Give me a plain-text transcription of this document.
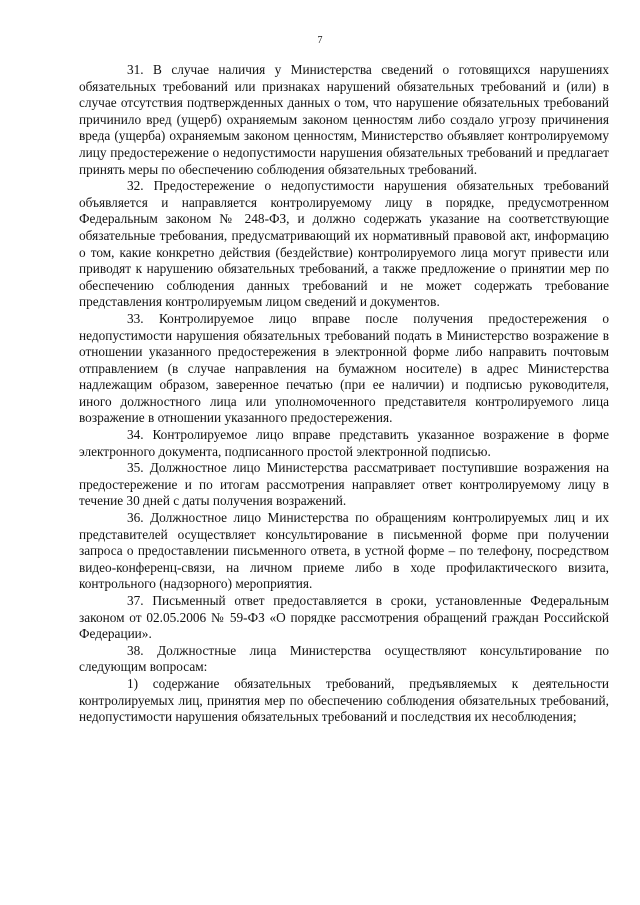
7

31. В случае наличия у Министерства сведений о готовящихся нарушениях обязательных требований или признаках нарушений обязательных требований и (или) в случае отсутствия подтвержденных данных о том, что нарушение обязательных требований причинило вред (ущерб) охраняемым законом ценностям либо создало угрозу причинения вреда (ущерба) охраняемым законом ценностям, Министерство объявляет контролируемому лицу предостережение о недопустимости нарушения обязательных требований и предлагает принять меры по обеспечению соблюдения обязательных требований.

32. Предостережение о недопустимости нарушения обязательных требований объявляется и направляется контролируемому лицу в порядке, предусмотренном Федеральным законом № 248-ФЗ, и должно содержать указание на соответствующие обязательные требования, предусматривающий их нормативный правовой акт, информацию о том, какие конкретно действия (бездействие) контролируемого лица могут привести или приводят к нарушению обязательных требований, а также предложение о принятии мер по обеспечению соблюдения данных требований и не может содержать требование представления контролируемым лицом сведений и документов.

33. Контролируемое лицо вправе после получения предостережения о недопустимости нарушения обязательных требований подать в Министерство возражение в отношении указанного предостережения в электронной форме либо направить почтовым отправлением (в случае направления на бумажном носителе) в адрес Министерства надлежащим образом, заверенное печатью (при ее наличии) и подписью руководителя, иного должностного лица или уполномоченного представителя контролируемого лица возражение в отношении указанного предостережения.

34. Контролируемое лицо вправе представить указанное возражение в форме электронного документа, подписанного простой электронной подписью.

35. Должностное лицо Министерства рассматривает поступившие возражения на предостережение и по итогам рассмотрения направляет ответ контролируемому лицу в течение 30 дней с даты получения возражений.

36. Должностное лицо Министерства по обращениям контролируемых лиц и их представителей осуществляет консультирование в письменной форме при получении запроса о предоставлении письменного ответа, в устной форме – по телефону, посредством видео-конференц-связи, на личном приеме либо в ходе профилактического визита, контрольного (надзорного) мероприятия.

37. Письменный ответ предоставляется в сроки, установленные Федеральным законом от 02.05.2006 № 59-ФЗ «О порядке рассмотрения обращений граждан Российской Федерации».

38. Должностные лица Министерства осуществляют консультирование по следующим вопросам:

1) содержание обязательных требований, предъявляемых к деятельности контролируемых лиц, принятия мер по обеспечению соблюдения обязательных требований, недопустимости нарушения обязательных требований и последствия их несоблюдения;
